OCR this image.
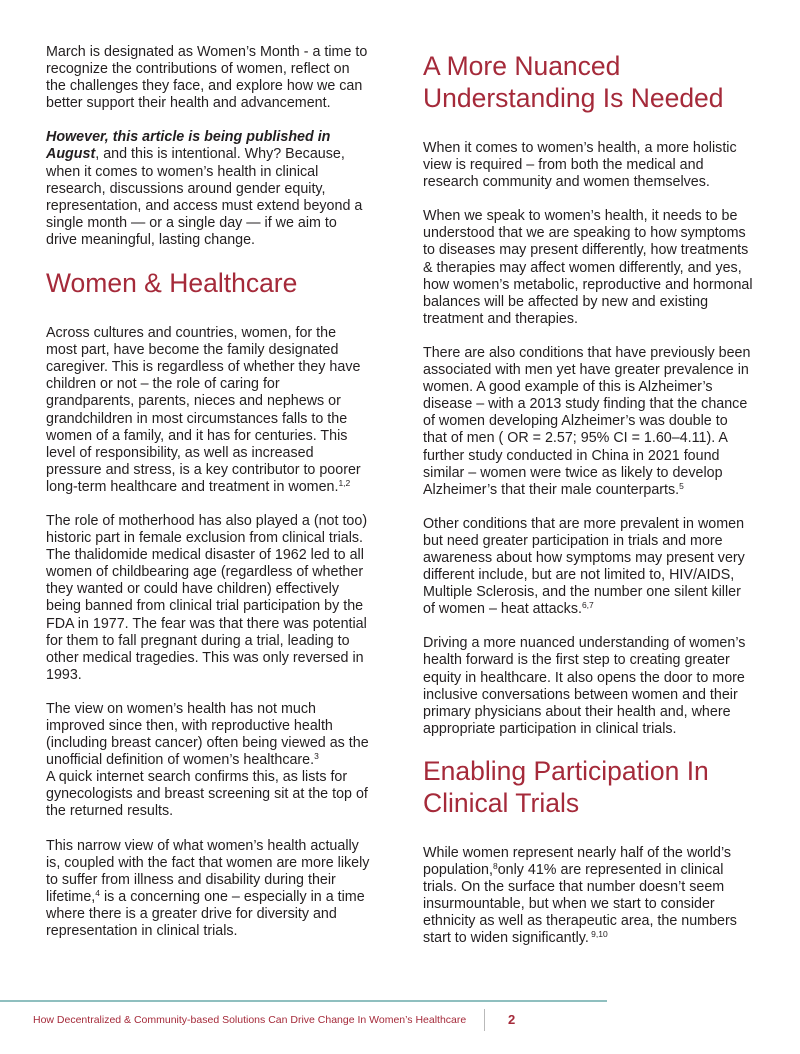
March is designated as Women’s Month - a time to recognize the contributions of women, reflect on the challenges they face, and explore how we can better support their health and advancement.

However, this article is being published in August, and this is intentional. Why? Because, when it comes to women’s health in clinical research, discussions around gender equity, representation, and access must extend beyond a single month — or a single day — if we aim to drive meaningful, lasting change.

Women & Healthcare

Across cultures and countries, women, for the most part, have become the family designated caregiver. This is regardless of whether they have children or not – the role of caring for grandparents, parents, nieces and nephews or grandchildren in most circumstances falls to the women of a family, and it has for centuries. This level of responsibility, as well as increased pressure and stress, is a key contributor to poorer long-term healthcare and treatment in women.$^{1,2}$

The role of motherhood has also played a (not too) historic part in female exclusion from clinical trials. The thalidomide medical disaster of 1962 led to all women of childbearing age (regardless of whether they wanted or could have children) effectively being banned from clinical trial participation by the FDA in 1977. The fear was that there was potential for them to fall pregnant during a trial, leading to other medical tragedies. This was only reversed in 1993.

The view on women’s health has not much improved since then, with reproductive health (including breast cancer) often being viewed as the unofficial definition of women’s healthcare.$^3$
A quick internet search confirms this, as lists for gynecologists and breast screening sit at the top of the returned results.

This narrow view of what women’s health actually is, coupled with the fact that women are more likely to suffer from illness and disability during their lifetime,$^4$ is a concerning one – especially in a time where there is a greater drive for diversity and representation in clinical trials.

A More Nuanced Understanding Is Needed

When it comes to women’s health, a more holistic view is required – from both the medical and research community and women themselves.

When we speak to women’s health, it needs to be understood that we are speaking to how symptoms to diseases may present differently, how treatments & therapies may affect women differently, and yes, how women’s metabolic, reproductive and hormonal balances will be affected by new and existing treatment and therapies.

There are also conditions that have previously been associated with men yet have greater prevalence in women. A good example of this is Alzheimer’s disease – with a 2013 study finding that the chance of women developing Alzheimer’s was double to that of men ( OR = 2.57; 95% CI = 1.60–4.11). A further study conducted in China in 2021 found similar – women were twice as likely to develop Alzheimer’s that their male counterparts.$^5$

Other conditions that are more prevalent in women but need greater participation in trials and more awareness about how symptoms may present very different include, but are not limited to, HIV/AIDS, Multiple Sclerosis, and the number one silent killer of women – heat attacks.$^{6,7}$

Driving a more nuanced understanding of women’s health forward is the first step to creating greater equity in healthcare. It also opens the door to more inclusive conversations between women and their primary physicians about their health and, where appropriate participation in clinical trials.

Enabling Participation In Clinical Trials

While women represent nearly half of the world’s population,$^8$only 41% are represented in clinical trials. On the surface that number doesn’t seem insurmountable, but when we start to consider ethnicity as well as therapeutic area, the numbers start to widen significantly. $^{9,10}$

How Decentralized & Community-based Solutions Can Drive Change In Women’s Healthcare	2
